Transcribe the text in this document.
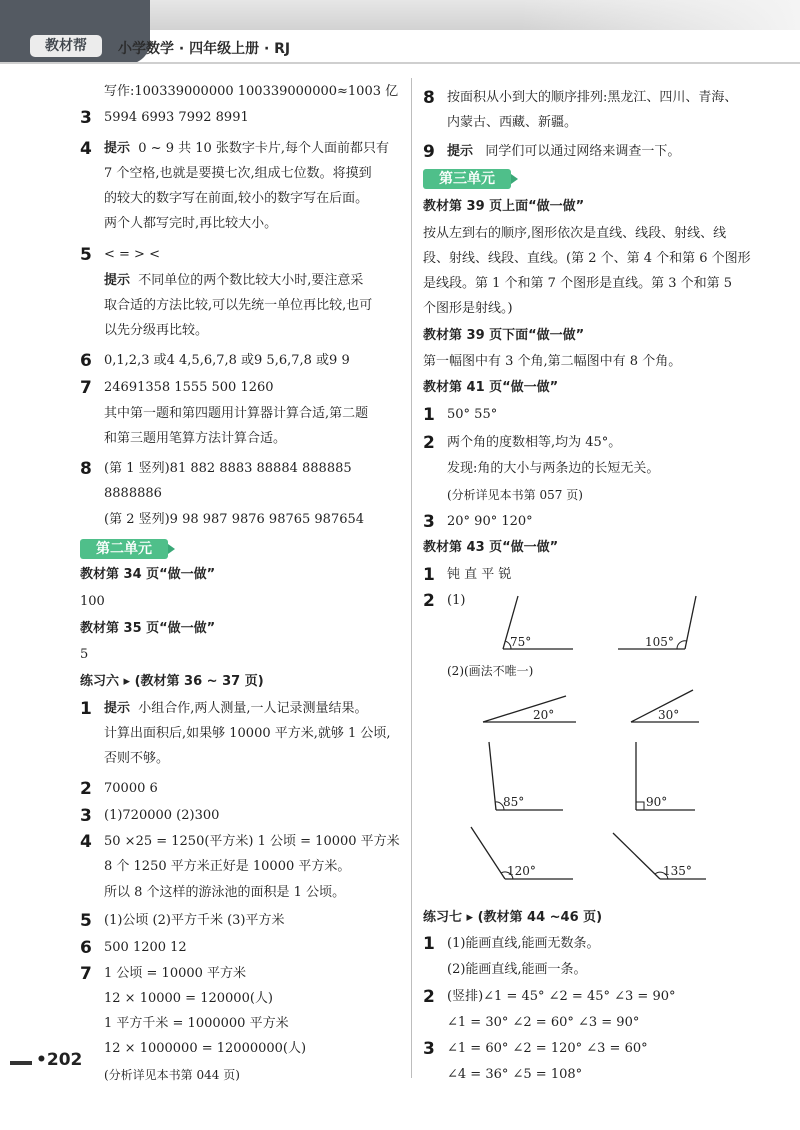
教材帮	小学数学 · 四年级上册 · RJ
写作:100339000000 100339000000≈1003 亿
3 5994 6993 7992 8991
4 提示 0 ~ 9 共 10 张数字卡片,每个人面前都只有
7 个空格,也就是要摸七次,组成七位数。将摸到
的较大的数字写在前面,较小的数字写在后面。
两个人都写完时,再比较大小。
5 < = > <
提示 不同单位的两个数比较大小时,要注意采
取合适的方法比较,可以先统一单位再比较,也可
以先分级再比较。
6 0,1,2,3 或4 4,5,6,7,8 或9 5,6,7,8 或9 9
7 24691358 1555 500 1260
其中第一题和第四题用计算器计算合适,第二题
和第三题用笔算方法计算合适。
8 (第 1 竖列)81 882 8883 88884 888885
8888886
(第 2 竖列)9 98 987 9876 98765 987654
第二单元
教材第 34 页“做一做”
100
教材第 35 页“做一做”
5
练习六 ▸ (教材第 36 ~ 37 页)
1 提示 小组合作,两人测量,一人记录测量结果。
计算出面积后,如果够 10000 平方米,就够 1 公顷,
否则不够。
2 70000 6
3 (1)720000 (2)300
4 50 ×25 = 1250(平方米) 1 公顷 = 10000 平方米
8 个 1250 平方米正好是 10000 平方米。
所以 8 个这样的游泳池的面积是 1 公顷。
5 (1)公顷 (2)平方千米 (3)平方米
6 500 1200 12
7 1 公顷 = 10000 平方米
12 × 10000 = 120000(人)
1 平方千米 = 1000000 平方米
12 × 1000000 = 12000000(人)
(分析详见本书第 044 页)
8 按面积从小到大的顺序排列:黑龙江、四川、青海、
内蒙古、西藏、新疆。
9 提示 同学们可以通过网络来调查一下。
第三单元
教材第 39 页上面“做一做”
按从左到右的顺序,图形依次是直线、线段、射线、线
段、射线、线段、直线。(第 2 个、第 4 个和第 6 个图形
是线段。第 1 个和第 7 个图形是直线。第 3 个和第 5
个图形是射线。)
教材第 39 页下面“做一做”
第一幅图中有 3 个角,第二幅图中有 8 个角。
教材第 41 页“做一做”
1 50° 55°
2 两个角的度数相等,均为 45°。
发现:角的大小与两条边的长短无关。
(分析详见本书第 057 页)
3 20° 90° 120°
教材第 43 页“做一做”
1 钝 直 平 锐
2 (1)
75°	105°
(2)(画法不唯一)
20°	30°
85°	90°
120°	135°
练习七 ▸ (教材第 44 ~46 页)
1 (1)能画直线,能画无数条。
(2)能画直线,能画一条。
2 (竖排)∠1 = 45° ∠2 = 45° ∠3 = 90°
∠1 = 30° ∠2 = 60° ∠3 = 90°
3 ∠1 = 60° ∠2 = 120° ∠3 = 60°
∠4 = 36° ∠5 = 108°
•202
